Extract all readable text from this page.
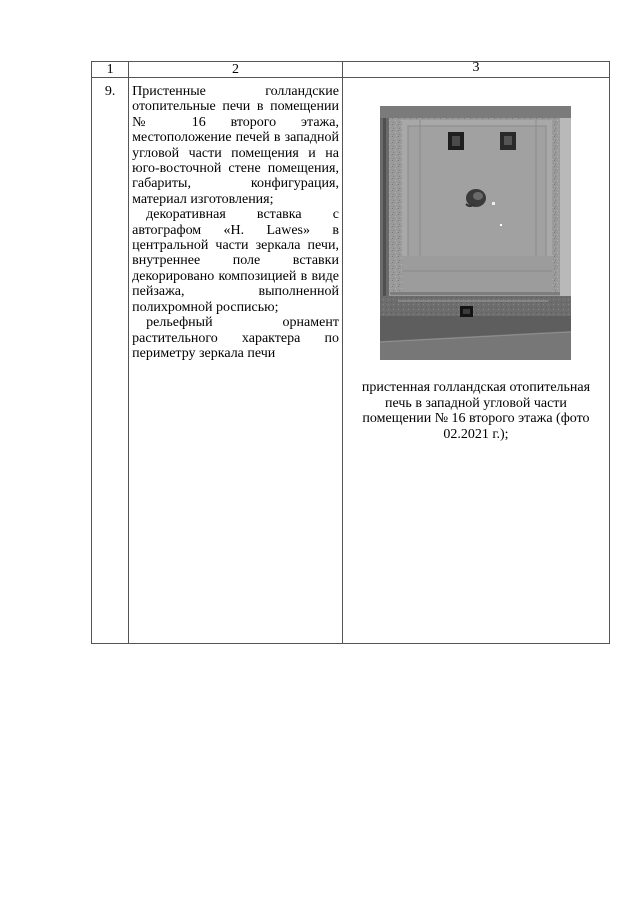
1	2	3
9.	Пристенные голландские отопительные печи в помещении № 16 второго этажа, местоположение печей в западной угловой части помещения и на юго-восточной стене помещения, габариты, конфигурация, материал изготовления;

декоративная вставка с автографом «H. Lawes» в центральной части зеркала печи, внутреннее поле вставки декорировано композицией в виде пейзажа, выполненной полихромной росписью;

рельефный орнамент растительного характера по периметру зеркала печи	пристенная голландская отопительная печь в западной угловой части помещении № 16 второго этажа (фото 02.2021 г.);
